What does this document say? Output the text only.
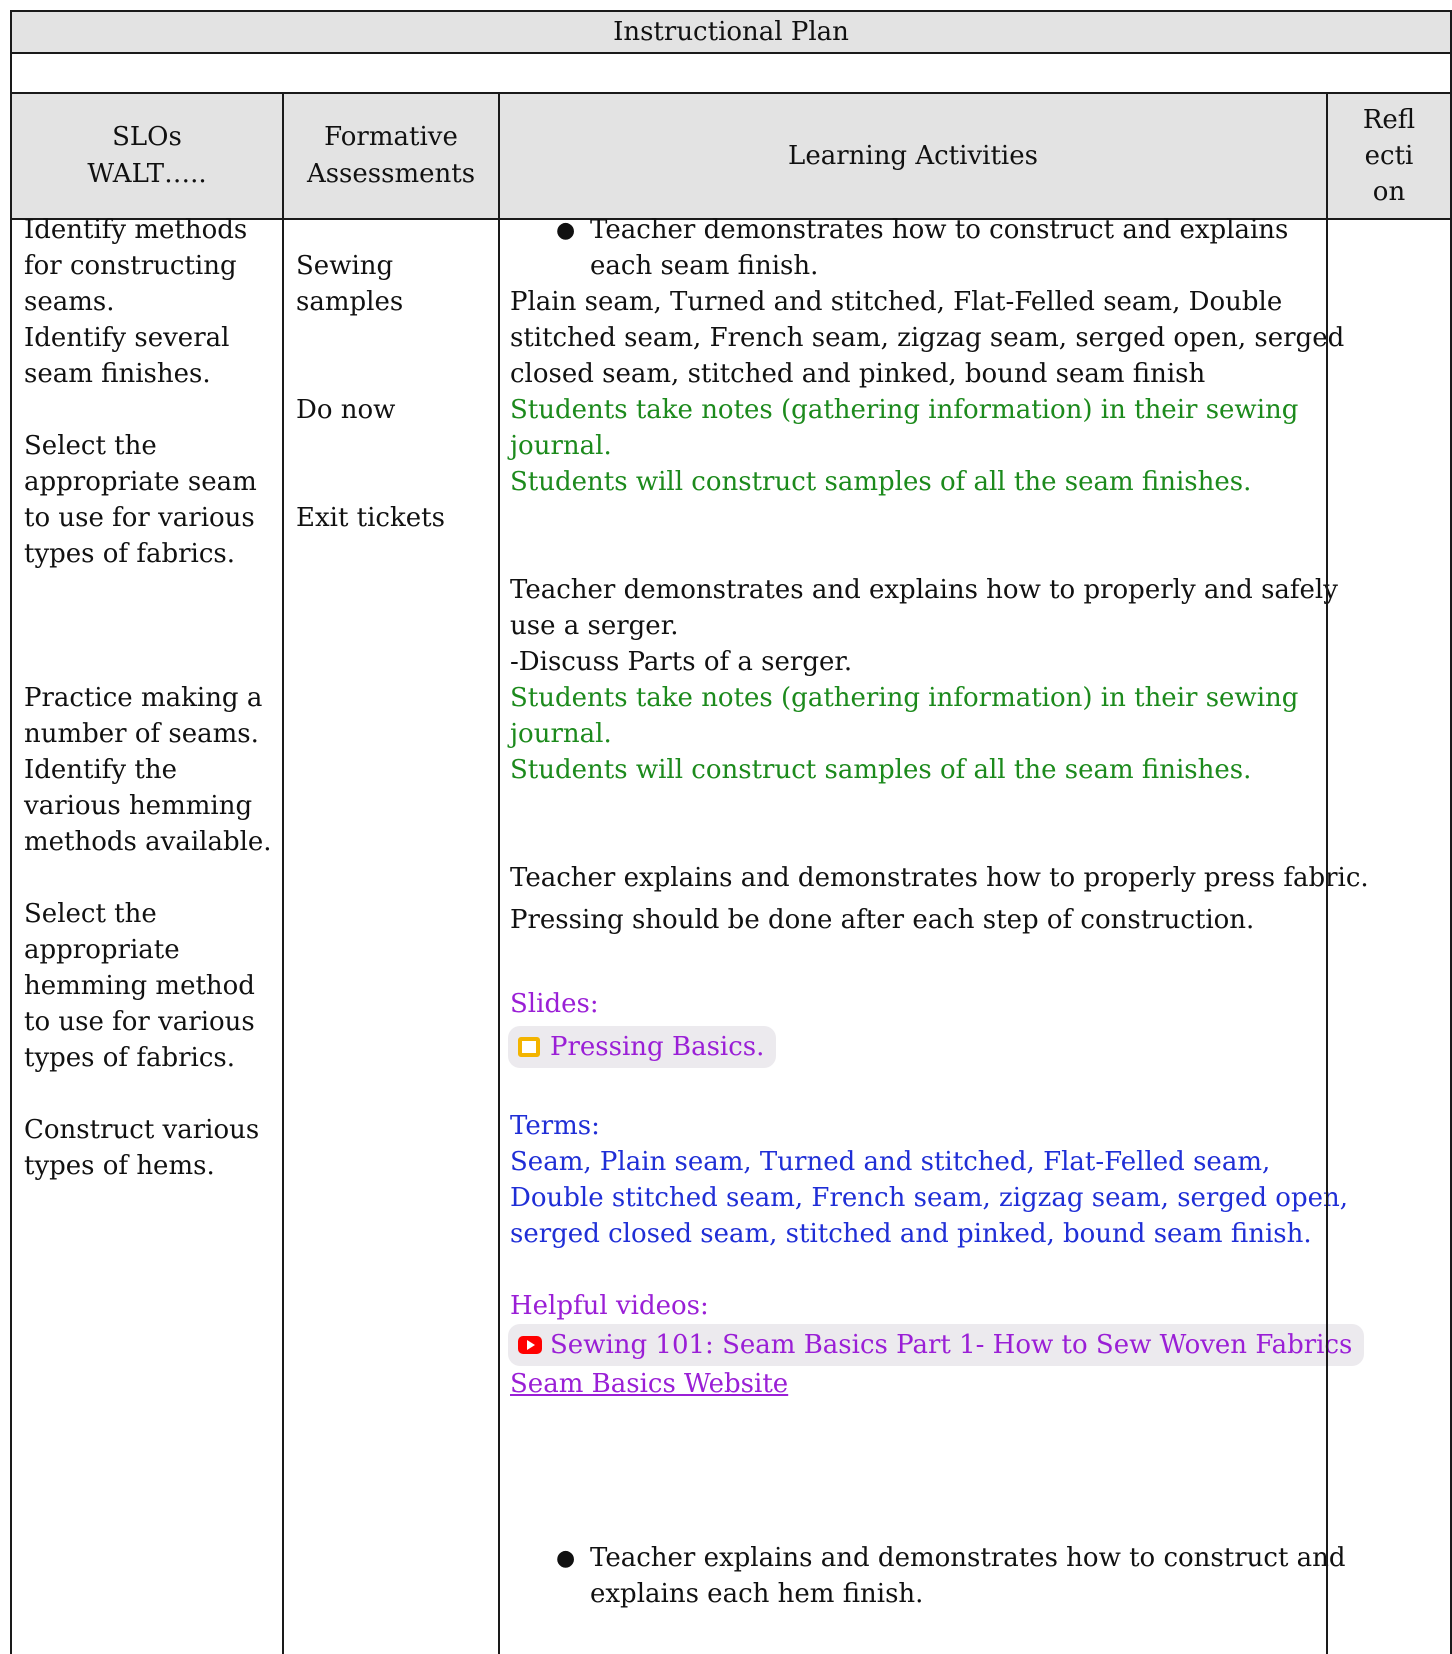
Instructional Plan
SLOs
WALT…..
Formative
Assessments
Learning Activities
Refl
ecti
on
Identify methods
for constructing
seams.
Identify several
seam finishes.
Select the
appropriate seam
to use for various
types of fabrics.
Practice making a
number of seams.
Identify the
various hemming
methods available.
Select the
appropriate
hemming method
to use for various
types of fabrics.
Construct various
types of hems.
Sewing
samples
Do now
Exit tickets
● Teacher demonstrates how to construct and explains
each seam finish.
Plain seam, Turned and stitched, Flat-Felled seam, Double
stitched seam, French seam, zigzag seam, serged open, serged
closed seam, stitched and pinked, bound seam finish
Students take notes (gathering information) in their sewing
journal.
Students will construct samples of all the seam finishes.
Teacher demonstrates and explains how to properly and safely
use a serger.
-Discuss Parts of a serger.
Students take notes (gathering information) in their sewing
journal.
Students will construct samples of all the seam finishes.
Teacher explains and demonstrates how to properly press fabric.
Pressing should be done after each step of construction.
Slides:
Pressing Basics.
Terms:
Seam, Plain seam, Turned and stitched, Flat-Felled seam,
Double stitched seam, French seam, zigzag seam, serged open,
serged closed seam, stitched and pinked, bound seam finish.
Helpful videos:
Sewing 101: Seam Basics Part 1- How to Sew Woven Fabrics
Seam Basics Website
● Teacher explains and demonstrates how to construct and
explains each hem finish.
